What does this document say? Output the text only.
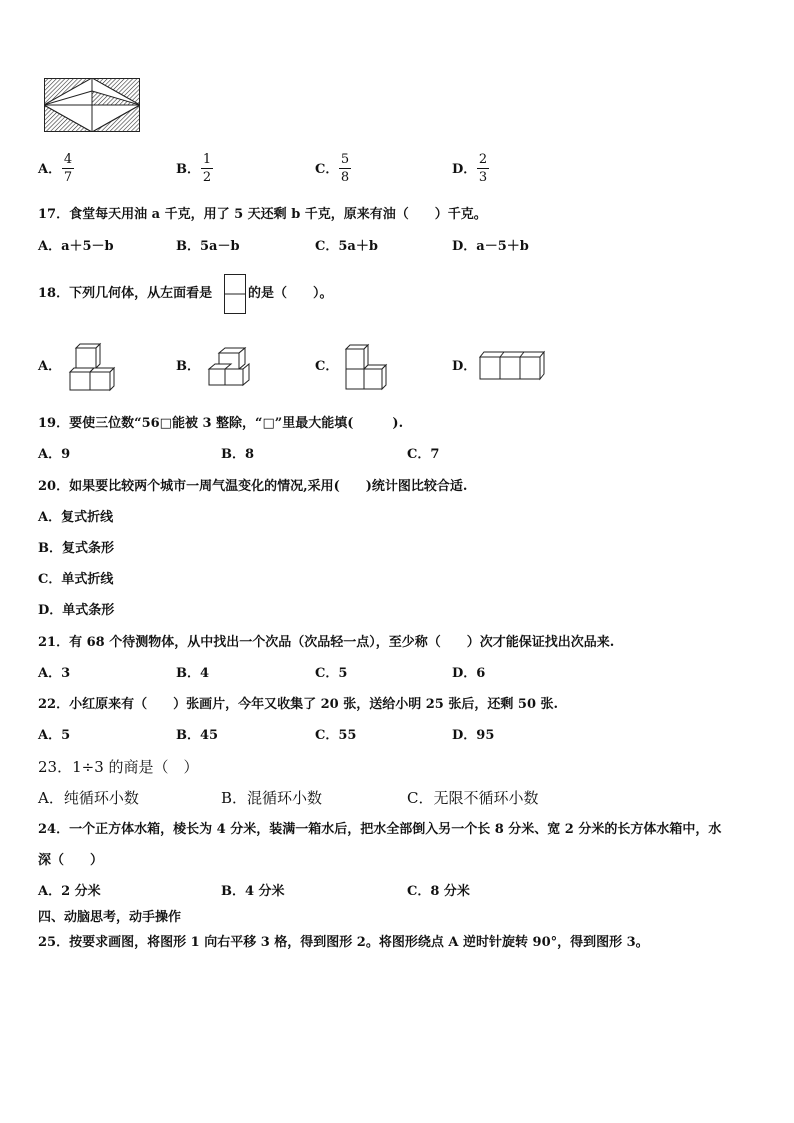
A．
4
7
B．
1
2
C．
5
8
D．
2
3
17．食堂每天用油 a 千克，用了 5 天还剩 b 千克，原来有油（　　）千克。
A．a＋5－b	B．5a－b	C．5a＋b	D．a－5＋b
18．下列几何体，从左面看是	的是（　　）。
A．	B．	C．	D．
19．要使三位数“56□能被 3 整除，“□”里最大能填(　　　).
A．9	B．8	C．7
20．如果要比较两个城市一周气温变化的情况,采用(　　)统计图比较合适.
A．复式折线
B．复式条形
C．单式折线
D．单式条形
21．有 68 个待测物体，从中找出一个次品（次品轻一点），至少称（　　）次才能保证找出次品来.
A．3	B．4	C．5	D．6
22．小红原来有（　　）张画片，今年又收集了 20 张，送给小明 25 张后，还剩 50 张.
A．5	B．45	C．55	D．95
23．1÷3 的商是（　）
A．纯循环小数	B．混循环小数	C．无限不循环小数
24．一个正方体水箱，棱长为 4 分米，装满一箱水后，把水全部倒入另一个长 8 分米、宽 2 分米的长方体水箱中，水
深（　　）
A．2 分米	B．4 分米	C．8 分米
四、动脑思考，动手操作
25．按要求画图，将图形 1 向右平移 3 格，得到图形 2。将图形绕点 A 逆时针旋转 90°，得到图形 3。
